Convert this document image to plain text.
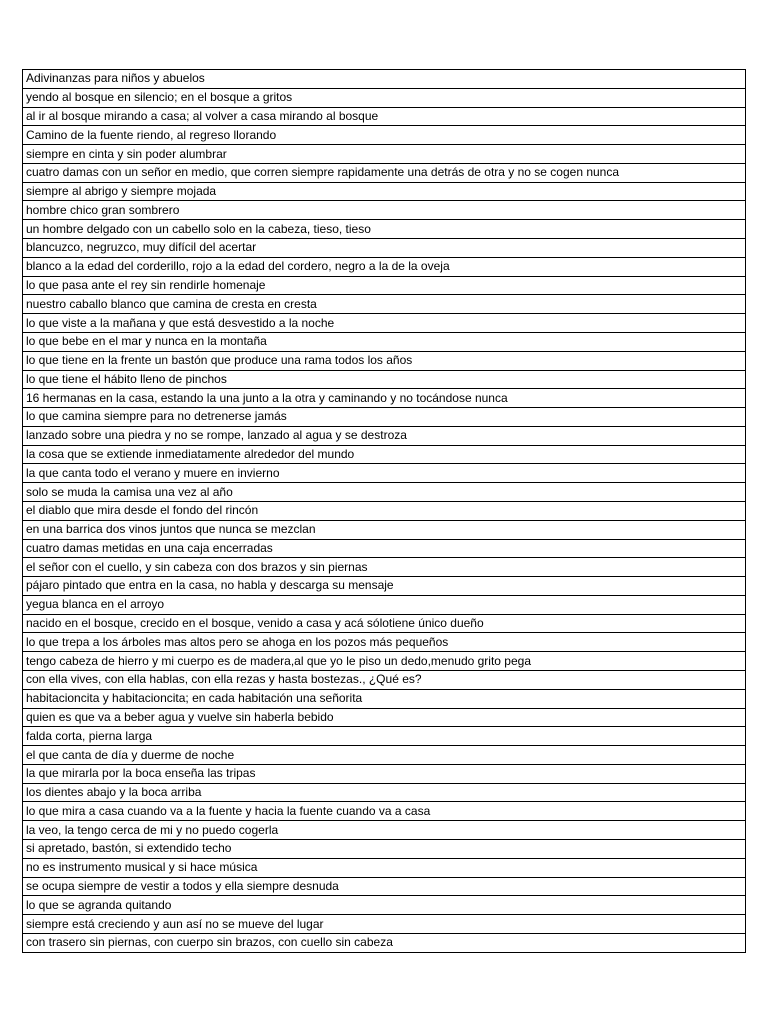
Adivinanzas para niños y abuelos
yendo al bosque en silencio; en el bosque a gritos
al ir al bosque mirando a casa; al volver a casa mirando al bosque
Camino de la fuente riendo, al regreso llorando
siempre en cinta y sin poder alumbrar
cuatro damas con un señor en medio, que corren siempre rapidamente una detrás de otra y no se cogen nunca
siempre al abrigo y siempre mojada
hombre chico gran sombrero
un hombre delgado con un cabello solo en la cabeza, tieso, tieso
blancuzco, negruzco, muy difícil del acertar
blanco a la edad del corderillo, rojo a la edad del cordero, negro a la de la oveja
lo que pasa ante el rey sin rendirle homenaje
nuestro caballo blanco que camina de cresta en cresta
lo que viste a la mañana y que está desvestido a la noche
lo que bebe en el mar y nunca en la montaña
lo que tiene en la frente un bastón que produce una rama todos los años
lo que tiene el hábito lleno de pinchos
16 hermanas en la casa, estando la una junto a la otra y caminando y no tocándose nunca
lo que camina siempre para no detrenerse jamás
lanzado sobre una piedra y no se rompe, lanzado al agua y se destroza
la cosa que se extiende inmediatamente alrededor del mundo
la que canta todo el verano y muere en invierno
solo se muda la camisa una vez al año
el diablo que mira desde el fondo del rincón
en una barrica dos vinos juntos que nunca se mezclan
cuatro damas metidas en una caja encerradas
el señor con el cuello, y sin cabeza con dos brazos y sin piernas
pájaro pintado que entra en la casa, no habla y descarga su mensaje
yegua blanca en el arroyo
nacido en el bosque, crecido en el bosque, venido a casa y acá sólotiene único dueño
lo que trepa a los árboles mas altos pero se ahoga en los pozos más pequeños
tengo cabeza de hierro y mi cuerpo es de madera,al que yo le piso un dedo,menudo grito pega
con ella vives, con ella hablas, con ella rezas y hasta bostezas., ¿Qué es?
habitacioncita y habitacioncita; en cada habitación una señorita
quien es que va a beber agua y vuelve sin haberla bebido
falda corta, pierna larga
el que canta de día y duerme de noche
la que mirarla por la boca enseña las tripas
los dientes abajo y la boca arriba
lo que mira a casa cuando va a la fuente y hacia la fuente cuando va a casa
la veo, la tengo cerca de mi y no puedo cogerla
si apretado, bastón, si extendido techo
no es instrumento musical y si hace música
se ocupa siempre de vestir a todos y ella siempre desnuda
lo que se agranda quitando
siempre está creciendo y aun así no se mueve del lugar
con trasero sin piernas, con cuerpo sin brazos, con cuello sin cabeza
